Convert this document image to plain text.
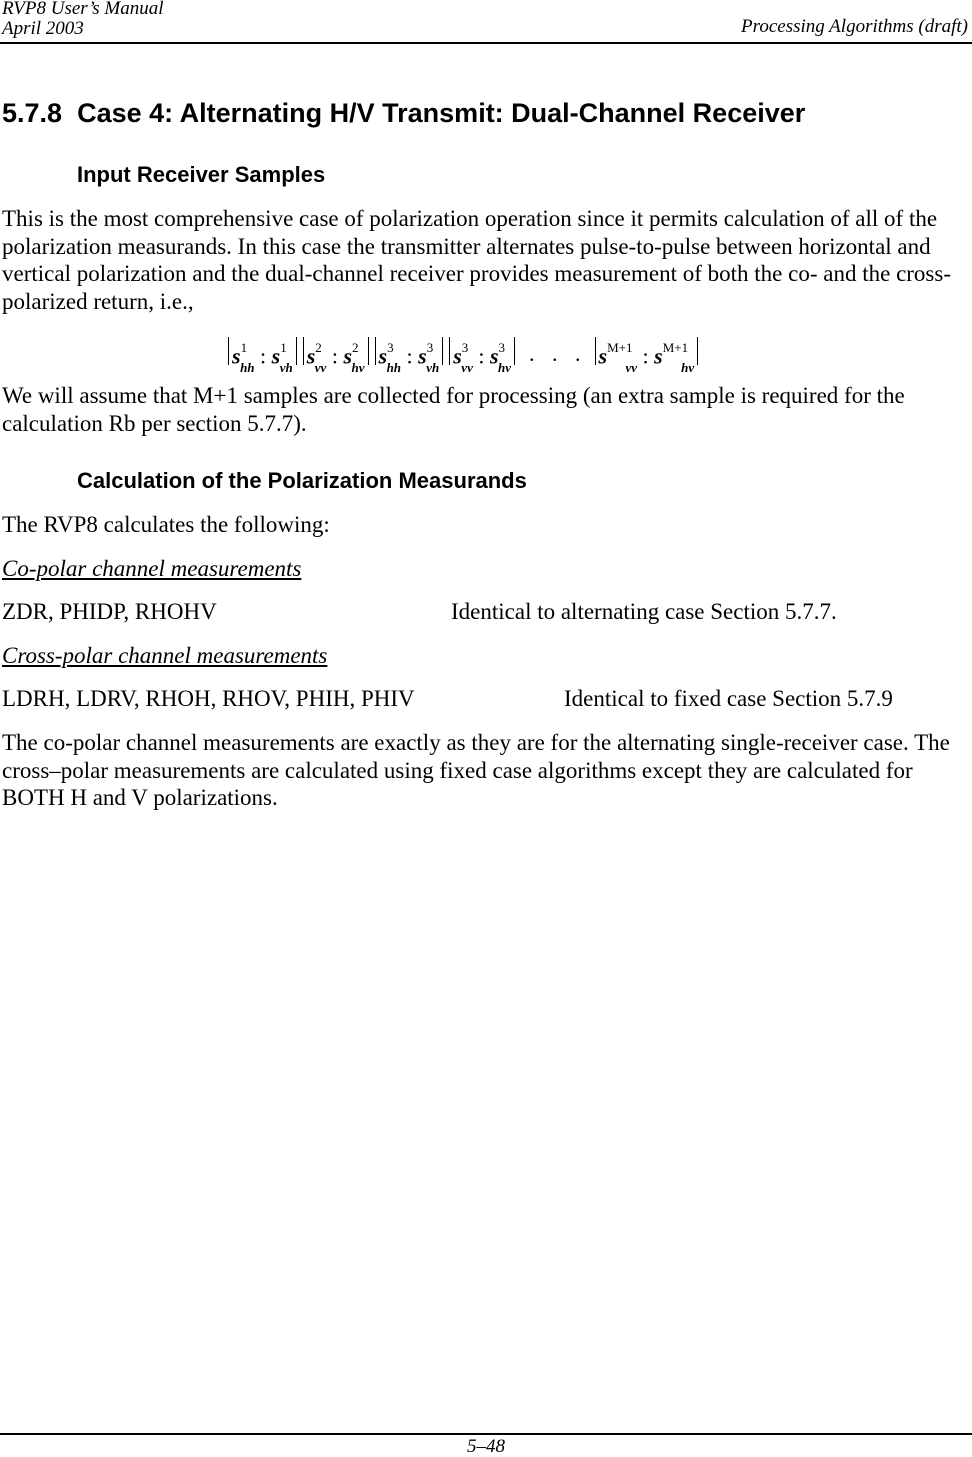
RVP8 User’s Manual
April 2003	Processing Algorithms (draft)
5.7.8 Case 4: Alternating H/V Transmit: Dual-Channel Receiver
Input Receiver Samples
This is the most comprehensive case of polarization operation since it permits calculation of all of the polarization measurands. In this case the transmitter alternates pulse-to-pulse between horizontal and vertical polarization and the dual-channel receiver provides measurement of both the co- and the cross-polarized return, i.e.,
$s^1_{hh}$ : $s^1_{vh}$ $s^2_{vv}$ : $s^2_{hv}$ $s^3_{hh}$ : $s^3_{vh}$ $s^3_{vv}$ : $s^3_{hv}$. . . $s^{M+1}_{vv}$ : $s^{M+1}_{hv}$
We will assume that M+1 samples are collected for processing (an extra sample is required for the calculation Rb per section 5.7.7).
Calculation of the Polarization Measurands
The RVP8 calculates the following:
Co-polar channel measurements
ZDR, PHIDP, RHOHV	Identical to alternating case Section 5.7.7.
Cross-polar channel measurements
LDRH, LDRV, RHOH, RHOV, PHIH, PHIV	Identical to fixed case Section 5.7.9
The co-polar channel measurements are exactly as they are for the alternating single-receiver case. The cross–polar measurements are calculated using fixed case algorithms except they are calculated for BOTH H and V polarizations.
5–48
